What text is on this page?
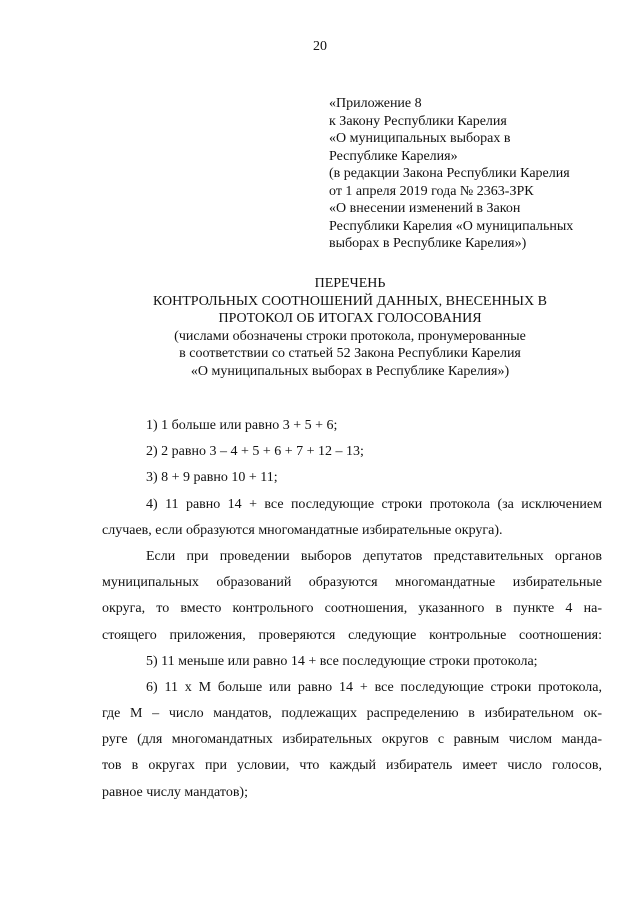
20
«Приложение 8
к Закону Республики Карелия
«О муниципальных выборах в
Республике Карелия»
(в редакции Закона Республики Карелия
от 1 апреля 2019 года № 2363-ЗРК
«О внесении изменений в Закон
Республики Карелия «О муниципальных
выборах в Республике Карелия»)
ПЕРЕЧЕНЬ
КОНТРОЛЬНЫХ СООТНОШЕНИЙ ДАННЫХ, ВНЕСЕННЫХ В
ПРОТОКОЛ ОБ ИТОГАХ ГОЛОСОВАНИЯ
(числами обозначены строки протокола, пронумерованные
в соответствии со статьей 52 Закона Республики Карелия
«О муниципальных выборах в Республике Карелия»)
1) 1 больше или равно 3 + 5 + 6;
2) 2 равно 3 – 4 + 5 + 6 + 7 + 12 – 13;
3) 8 + 9 равно 10 + 11;
4) 11 равно 14 + все последующие строки протокола (за исключением
случаев, если образуются многомандатные избирательные округа).
Если при проведении выборов депутатов представительных органов
муниципальных образований образуются многомандатные избирательные
округа, то вместо контрольного соотношения, указанного в пункте 4 на-
стоящего приложения, проверяются следующие контрольные соотношения:
5) 11 меньше или равно 14 + все последующие строки протокола;
6) 11 x M больше или равно 14 + все последующие строки протокола,
где M – число мандатов, подлежащих распределению в избирательном ок-
руге (для многомандатных избирательных округов с равным числом манда-
тов в округах при условии, что каждый избиратель имеет число голосов,
равное числу мандатов);
